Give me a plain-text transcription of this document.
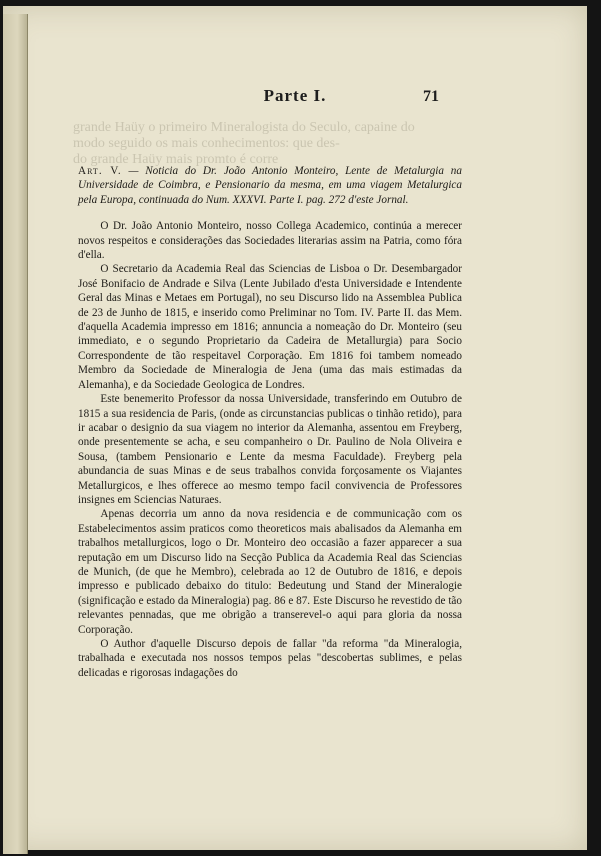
grande Haüy o primeiro Mineralogista do Seculo, capaine do
modo seguido os mais conhecimentos: que des-
do grande Haüy mais promto é corre
Parte I.	71

Art. V. — Noticia do Dr. João Antonio Monteiro, Lente de Metalurgia na Universidade de Coimbra, e Pensionario da mesma, em uma viagem Metalurgica pela Europa, continuada do Num. XXXVI. Parte I. pag. 272 d'este Jornal.

O Dr. João Antonio Monteiro, nosso Collega Academico, continúa a merecer novos respeitos e considerações das Sociedades literarias assim na Patria, como fóra d'ella.

O Secretario da Academia Real das Sciencias de Lisboa o Dr. Desembargador José Bonifacio de Andrade e Silva (Lente Jubilado d'esta Universidade e Intendente Geral das Minas e Metaes em Portugal), no seu Discurso lido na Assemblea Publica de 23 de Junho de 1815, e inserido como Preliminar no Tom. IV. Parte II. das Mem. d'aquella Academia impresso em 1816; annuncia a nomeação do Dr. Monteiro (seu immediato, e o segundo Proprietario da Cadeira de Metallurgia) para Socio Correspondente de tão respeitavel Corporação. Em 1816 foi tambem nomeado Membro da Sociedade de Mineralogia de Jena (uma das mais estimadas da Alemanha), e da Sociedade Geologica de Londres.

Este benemerito Professor da nossa Universidade, transferindo em Outubro de 1815 a sua residencia de Paris, (onde as circunstancias publicas o tinhão retido), para ir acabar o designio da sua viagem no interior da Alemanha, assentou em Freyberg, onde presentemente se acha, e seu companheiro o Dr. Paulino de Nola Oliveira e Sousa, (tambem Pensionario e Lente da mesma Faculdade). Freyberg pela abundancia de suas Minas e de seus trabalhos convida forçosamente os Viajantes Metallurgicos, e lhes offerece ao mesmo tempo facil convivencia de Professores insignes em Sciencias Naturaes.

Apenas decorria um anno da nova residencia e de communicação com os Estabelecimentos assim praticos como theoreticos mais abalisados da Alemanha em trabalhos metallurgicos, logo o Dr. Monteiro deo occasião a fazer apparecer a sua reputação em um Discurso lido na Secção Publica da Academia Real das Sciencias de Munich, (de que he Membro), celebrada ao 12 de Outubro de 1816, e depois impresso e publicado debaixo do titulo: Bedeutung und Stand der Mineralogie (significação e estado da Mineralogia) pag. 86 e 87. Este Discurso he revestido de tão relevantes pennadas, que me obrigão a transerevel-o aqui para gloria da nossa Corporação.

O Author d'aquelle Discurso depois de fallar "da reforma "da Mineralogia, trabalhada e executada nos nossos tempos pelas "descobertas sublimes, e pelas delicadas e rigorosas indagações do
